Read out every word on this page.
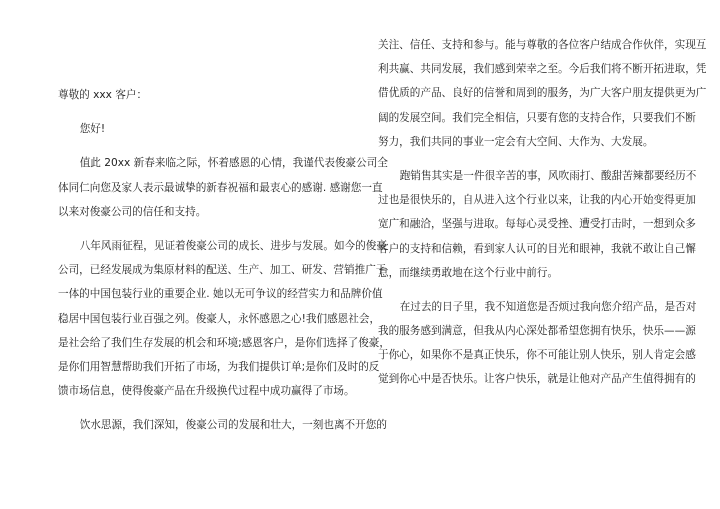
尊敬的 xxx 客户：
您好!
值此 20xx 新春来临之际，怀着感恩的心情，我谨代表俊豪公司全
体同仁向您及家人表示最诚挚的新春祝福和最衷心的感谢. 感谢您一直
以来对俊豪公司的信任和支持。
八年风雨征程，见证着俊豪公司的成长、进步与发展。如今的俊豪
公司，已经发展成为集原材料的配送、生产、加工、研发、营销推广于
一体的中国包装行业的重要企业. 她以无可争议的经营实力和品牌价值
稳居中国包装行业百强之列。俊豪人，永怀感恩之心!我们感恩社会，
是社会给了我们生存发展的机会和环境;感恩客户，是你们选择了俊豪，
是你们用智慧帮助我们开拓了市场，为我们提供订单;是你们及时的反
馈市场信息，使得俊豪产品在升级换代过程中成功赢得了市场。
饮水思源，我们深知，俊豪公司的发展和壮大，一刻也离不开您的
关注、信任、支持和参与。能与尊敬的各位客户结成合作伙伴，实现互
利共赢、共同发展，我们感到荣幸之至。今后我们将不断开拓进取，凭
借优质的产品、良好的信誉和周到的服务，为广大客户朋友提供更为广
阔的发展空间。我们完全相信，只要有您的支持合作，只要我们不断
努力，我们共同的事业一定会有大空间、大作为、大发展。
跑销售其实是一件很辛苦的事，风吹雨打、酸甜苦辣都要经历不
过也是很快乐的，自从进入这个行业以来，让我的内心开始变得更加
宽广和融洽，坚强与进取。每每心灵受挫、遭受打击时，一想到众多
客户的支持和信赖，看到家人认可的目光和眼神，我就不敢让自己懈
怠，而继续勇敢地在这个行业中前行。
在过去的日子里，我不知道您是否烦过我向您介绍产品，是否对
我的服务感到满意，但我从内心深处都希望您拥有快乐，快乐——源
于你心，如果你不是真正快乐，你不可能让别人快乐，别人肯定会感
觉到你心中是否快乐。让客户快乐，就是让他对产品产生值得拥有的
